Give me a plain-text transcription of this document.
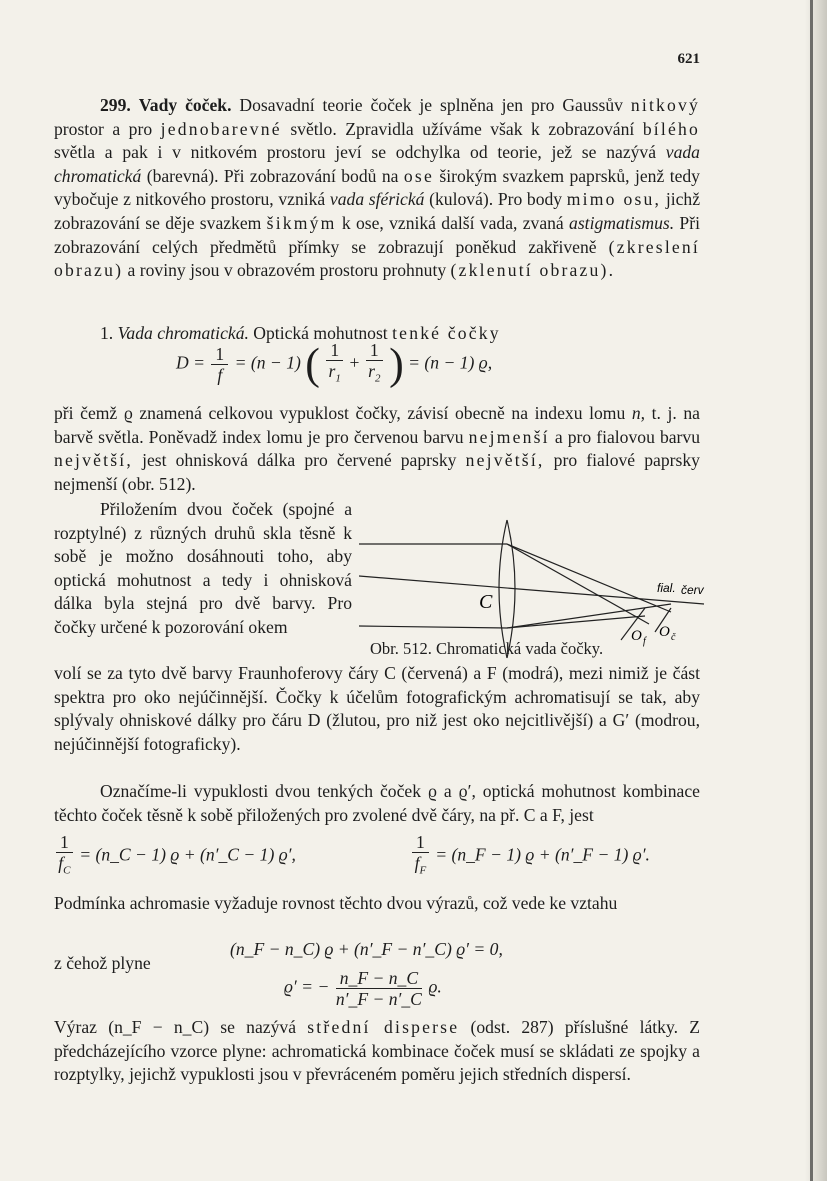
621
299. Vady čoček. Dosavadní teorie čoček je splněna jen pro Gaussův nitkový prostor a pro jednobarevné světlo. Zpravidla užíváme však k zobrazování bílého světla a pak i v nitkovém prostoru jeví se odchylka od teorie, jež se nazývá vada chromatická (barevná). Při zobrazování bodů na ose širokým svazkem paprsků, jenž tedy vybočuje z nitkového prostoru, vzniká vada sférická (kulová). Pro body mimo osu, jichž zobrazování se děje svazkem šikmým k ose, vzniká další vada, zvaná astigmatismus. Při zobrazování celých předmětů přímky se zobrazují poněkud zakřiveně (zkreslení obrazu) a roviny jsou v obrazovém prostoru prohnuty (zklenutí obrazu).
1. Vada chromatická. Optická mohutnost tenké čočky
$D = \frac{1}{f} = (n - 1)$ ( $\frac{1}{r_1} + \frac{1}{r_2}$ ) = (n − 1) ϱ,
při čemž ϱ znamená celkovou vypuklost čočky, závisí obecně na indexu lomu n, t. j. na barvě světla. Poněvadž index lomu je pro červenou barvu nejmenší a pro fialovou barvu největší, jest ohnisková dálka pro červené paprsky největší, pro fialové paprsky nejmenší (obr. 512).
Přiložením dvou čoček (spojné a rozptylné) z různých druhů skla těsně k sobě je možno dosáhnouti toho, aby optická mohutnost a tedy i ohnisková dálka byla stejná pro dvě barvy. Pro čočky určené k pozorování okem
C
fial. červ
O f
O č
Obr. 512. Chromatická vada čočky.
volí se za tyto dvě barvy Fraunhoferovy čáry C (červená) a F (modrá), mezi nimiž je část spektra pro oko nejúčinnější. Čočky k účelům fotografickým achromatisují se tak, aby splývaly ohniskové dálky pro čáru D (žlutou, pro niž jest oko nejcitlivější) a G′ (modrou, nejúčinnější fotograficky).
Označíme-li vypuklosti dvou tenkých čoček ϱ a ϱ′, optická mohutnost kombinace těchto čoček těsně k sobě přiložených pro zvolené dvě čáry, na př. C a F, jest
$\frac{1}{f_C}$ = (n_C − 1) ϱ + (n′_C − 1) ϱ′,	$\frac{1}{f_F}$ = (n_F − 1) ϱ + (n′_F − 1) ϱ′.
Podmínka achromasie vyžaduje rovnost těchto dvou výrazů, což vede ke vztahu
(n_F − n_C) ϱ + (n′_F − n′_C) ϱ′ = 0,
z čehož plyne
ϱ′ = − $\frac{n\_F - n\_C}{n'\_F - n'\_C} ϱ$.
Výraz (n_F − n_C) se nazývá střední disperse (odst. 287) příslušné látky. Z předcházejícího vzorce plyne: achromatická kombinace čoček musí se skládati ze spojky a rozptylky, jejichž vypuklosti jsou v převráceném poměru jejich středních dispersí.
